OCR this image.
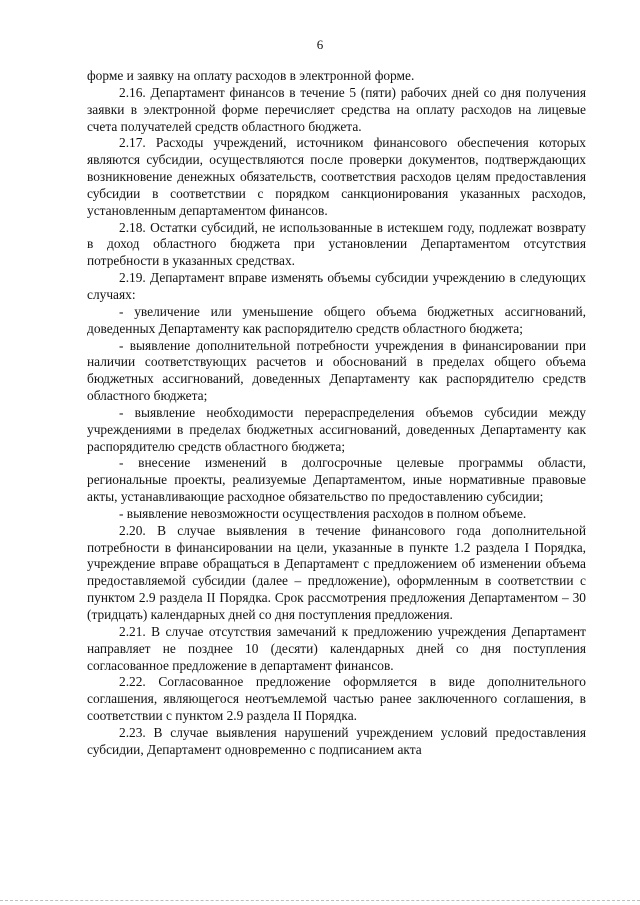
6

форме и заявку на оплату расходов в электронной форме.

2.16. Департамент финансов в течение 5 (пяти) рабочих дней со дня получения заявки в электронной форме перечисляет средства на оплату расходов на лицевые счета получателей средств областного бюджета.

2.17. Расходы учреждений, источником финансового обеспечения которых являются субсидии, осуществляются после проверки документов, подтверждающих возникновение денежных обязательств, соответствия расходов целям предоставления субсидии в соответствии с порядком санкционирования указанных расходов, установленным департаментом финансов.

2.18. Остатки субсидий, не использованные в истекшем году, подлежат возврату в доход областного бюджета при установлении Департаментом отсутствия потребности в указанных средствах.

2.19. Департамент вправе изменять объемы субсидии учреждению в следующих случаях:

- увеличение или уменьшение общего объема бюджетных ассигнований, доведенных Департаменту как распорядителю средств областного бюджета;

- выявление дополнительной потребности учреждения в финансировании при наличии соответствующих расчетов и обоснований в пределах общего объема бюджетных ассигнований, доведенных Департаменту как распорядителю средств областного бюджета;

- выявление необходимости перераспределения объемов субсидии между учреждениями в пределах бюджетных ассигнований, доведенных Департаменту как распорядителю средств областного бюджета;

- внесение изменений в долгосрочные целевые программы области, региональные проекты, реализуемые Департаментом, иные нормативные правовые акты, устанавливающие расходное обязательство по предоставлению субсидии;

- выявление невозможности осуществления расходов в полном объеме.

2.20. В случае выявления в течение финансового года дополнительной потребности в финансировании на цели, указанные в пункте 1.2 раздела I Порядка, учреждение вправе обращаться в Департамент с предложением об изменении объема предоставляемой субсидии (далее – предложение), оформленным в соответствии с пунктом 2.9 раздела II Порядка. Срок рассмотрения предложения Департаментом – 30 (тридцать) календарных дней со дня поступления предложения.

2.21. В случае отсутствия замечаний к предложению учреждения Департамент направляет не позднее 10 (десяти) календарных дней со дня поступления согласованное предложение в департамент финансов.

2.22. Согласованное предложение оформляется в виде дополнительного соглашения, являющегося неотъемлемой частью ранее заключенного соглашения, в соответствии с пунктом 2.9 раздела II Порядка.

2.23. В случае выявления нарушений учреждением условий предоставления субсидии, Департамент одновременно с подписанием акта
